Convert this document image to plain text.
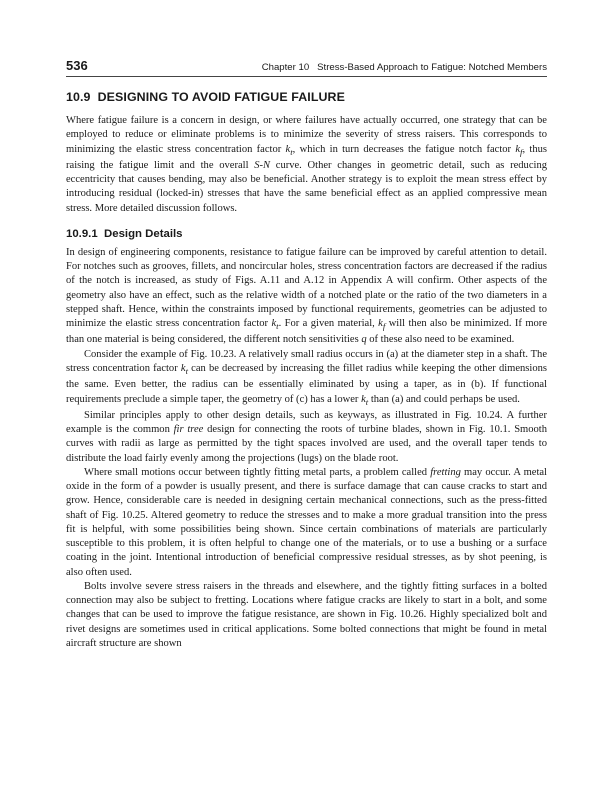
536	Chapter 10 Stress-Based Approach to Fatigue: Notched Members
10.9 DESIGNING TO AVOID FATIGUE FAILURE

Where fatigue failure is a concern in design, or where failures have actually occurred, one strategy that can be employed to reduce or eliminate problems is to minimize the severity of stress raisers. This corresponds to minimizing the elastic stress concentration factor $k_t$, which in turn decreases the fatigue notch factor $k_f$, thus raising the fatigue limit and the overall S-N curve. Other changes in geometric detail, such as reducing eccentricity that causes bending, may also be beneficial. Another strategy is to exploit the mean stress effect by introducing residual (locked-in) stresses that have the same beneficial effect as an applied compressive mean stress. More detailed discussion follows.

10.9.1 Design Details

In design of engineering components, resistance to fatigue failure can be improved by careful attention to detail. For notches such as grooves, fillets, and noncircular holes, stress concentration factors are decreased if the radius of the notch is increased, as study of Figs. A.11 and A.12 in Appendix A will confirm. Other aspects of the geometry also have an effect, such as the relative width of a notched plate or the ratio of the two diameters in a stepped shaft. Hence, within the constraints imposed by functional requirements, geometries can be adjusted to minimize the elastic stress concentration factor $k_t$. For a given material, $k_f$ will then also be minimized. If more than one material is being considered, the different notch sensitivities q of these also need to be examined.

Consider the example of Fig. 10.23. A relatively small radius occurs in (a) at the diameter step in a shaft. The stress concentration factor $k_t$ can be decreased by increasing the fillet radius while keeping the other dimensions the same. Even better, the radius can be essentially eliminated by using a taper, as in (b). If functional requirements preclude a simple taper, the geometry of (c) has a lower $k_t$ than (a) and could perhaps be used.

Similar principles apply to other design details, such as keyways, as illustrated in Fig. 10.24. A further example is the common fir tree design for connecting the roots of turbine blades, shown in Fig. 10.1. Smooth curves with radii as large as permitted by the tight spaces involved are used, and the overall taper tends to distribute the load fairly evenly among the projections (lugs) on the blade root.

Where small motions occur between tightly fitting metal parts, a problem called fretting may occur. A metal oxide in the form of a powder is usually present, and there is surface damage that can cause cracks to start and grow. Hence, considerable care is needed in designing certain mechanical connections, such as the press-fitted shaft of Fig. 10.25. Altered geometry to reduce the stresses and to make a more gradual transition into the press fit is helpful, with some possibilities being shown. Since certain combinations of materials are particularly susceptible to this problem, it is often helpful to change one of the materials, or to use a bushing or a surface coating in the joint. Intentional introduction of beneficial compressive residual stresses, as by shot peening, is also often used.

Bolts involve severe stress raisers in the threads and elsewhere, and the tightly fitting surfaces in a bolted connection may also be subject to fretting. Locations where fatigue cracks are likely to start in a bolt, and some changes that can be used to improve the fatigue resistance, are shown in Fig. 10.26. Highly specialized bolt and rivet designs are sometimes used in critical applications. Some bolted connections that might be found in metal aircraft structure are shown
